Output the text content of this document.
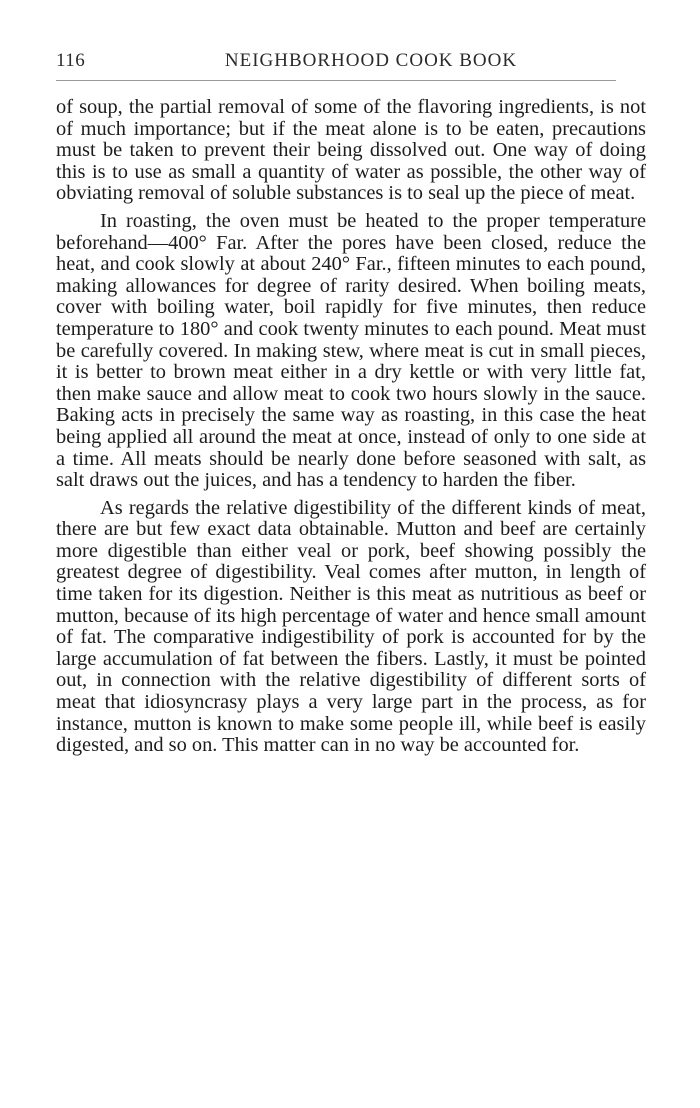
116	NEIGHBORHOOD COOK BOOK

of soup, the partial removal of some of the flavoring ingredients, is not of much importance; but if the meat alone is to be eaten, precautions must be taken to prevent their being dissolved out. One way of doing this is to use as small a quantity of water as possible, the other way of obviating removal of soluble substances is to seal up the piece of meat.

In roasting, the oven must be heated to the proper temperature beforehand—400° Far. After the pores have been closed, reduce the heat, and cook slowly at about 240° Far., fifteen minutes to each pound, making allowances for degree of rarity desired. When boiling meats, cover with boiling water, boil rapidly for five minutes, then reduce temperature to 180° and cook twenty minutes to each pound. Meat must be carefully covered. In making stew, where meat is cut in small pieces, it is better to brown meat either in a dry kettle or with very little fat, then make sauce and allow meat to cook two hours slowly in the sauce. Baking acts in precisely the same way as roasting, in this case the heat being applied all around the meat at once, instead of only to one side at a time. All meats should be nearly done before seasoned with salt, as salt draws out the juices, and has a tendency to harden the fiber.

As regards the relative digestibility of the different kinds of meat, there are but few exact data obtainable. Mutton and beef are certainly more digestible than either veal or pork, beef showing possibly the greatest degree of digestibility. Veal comes after mutton, in length of time taken for its digestion. Neither is this meat as nutritious as beef or mutton, because of its high percentage of water and hence small amount of fat. The comparative indigestibility of pork is accounted for by the large accumulation of fat between the fibers. Lastly, it must be pointed out, in connection with the relative digestibility of different sorts of meat that idiosyncrasy plays a very large part in the process, as for instance, mutton is known to make some people ill, while beef is easily digested, and so on. This matter can in no way be accounted for.
